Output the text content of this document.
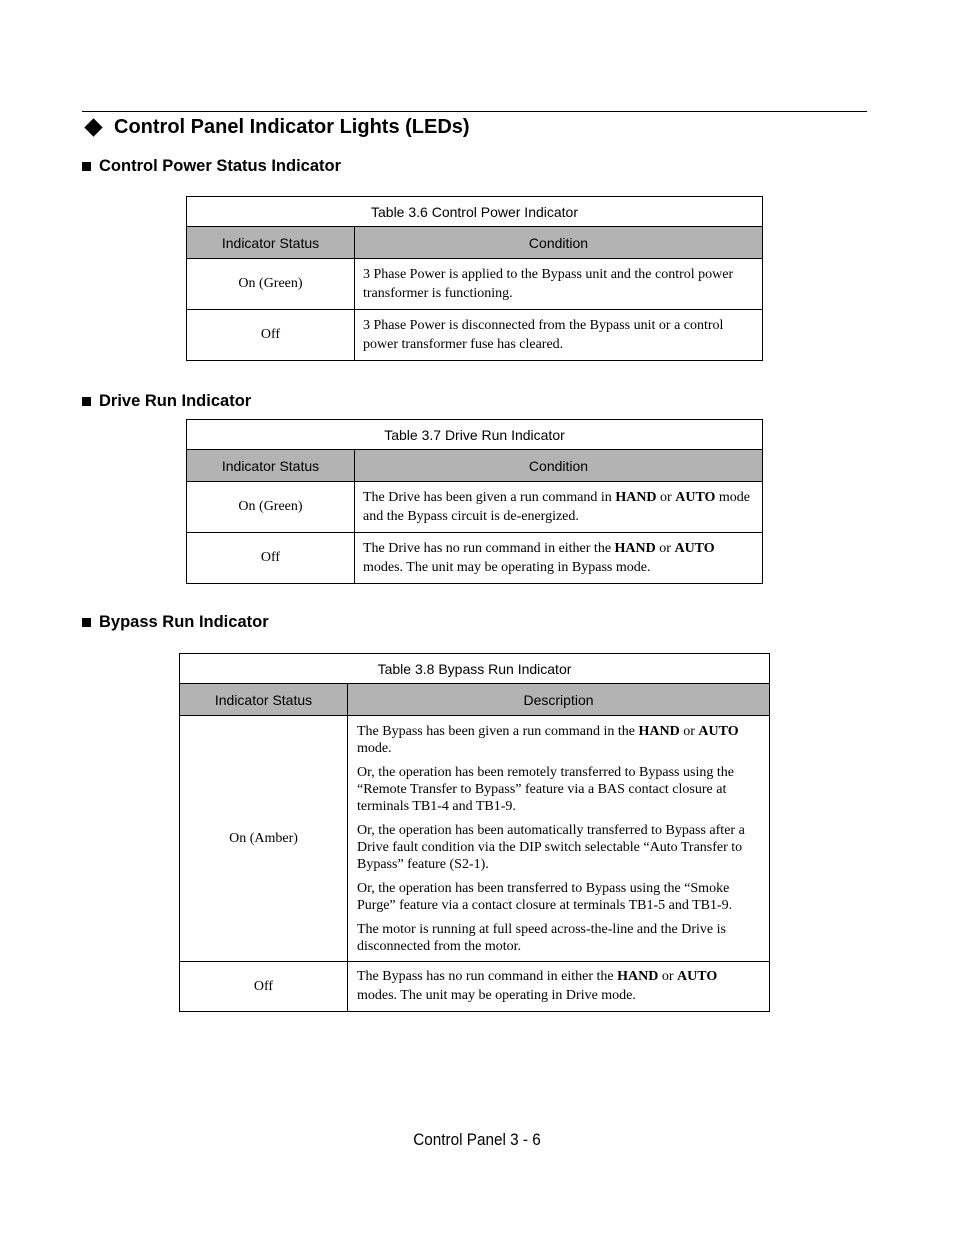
Control Panel Indicator Lights (LEDs)
Control Power Status Indicator
Table 3.6 Control Power Indicator	
Indicator Status	Condition
On (Green)	3 Phase Power is applied to the Bypass unit and the control power transformer is functioning.
Off	3 Phase Power is disconnected from the Bypass unit or a control power transformer fuse has cleared.
Drive Run Indicator
Table 3.7 Drive Run Indicator	
Indicator Status	Condition
On (Green)	The Drive has been given a run command in HAND or AUTO mode and the Bypass circuit is de-energized.
Off	The Drive has no run command in either the HAND or AUTO modes. The unit may be operating in Bypass mode.
Bypass Run Indicator
Table 3.8 Bypass Run Indicator	
Indicator Status	Description
On (Amber)	The Bypass has been given a run command in the HAND or AUTO mode.

Or, the operation has been remotely transferred to Bypass using the “Remote Transfer to Bypass” feature via a BAS contact closure at terminals TB1-4 and TB1-9.

Or, the operation has been automatically transferred to Bypass after a Drive fault condition via the DIP switch selectable “Auto Transfer to Bypass” feature (S2-1).

Or, the operation has been transferred to Bypass using the “Smoke Purge” feature via a contact closure at terminals TB1-5 and TB1-9.

The motor is running at full speed across-the-line and the Drive is disconnected from the motor.

Off	The Bypass has no run command in either the HAND or AUTO modes. The unit may be operating in Drive mode.
Control Panel 3 - 6
